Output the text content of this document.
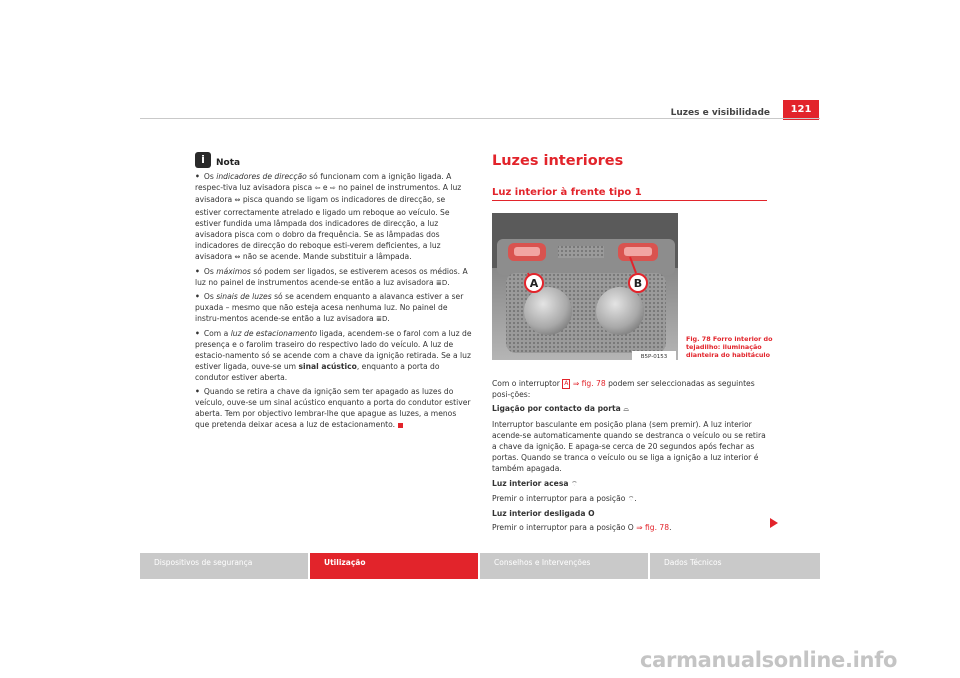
Luzes e visibilidade	121
i	Nota

• Os indicadores de direcção só funcionam com a ignição ligada. A respec-tiva luz avisadora pisca ⇦ e ⇨ no painel de instrumentos. A luz avisadora ⇔ pisca quando se ligam os indicadores de direcção, se estiver correctamente atrelado e ligado um reboque ao veículo. Se estiver fundida uma lâmpada dos indicadores de direcção, a luz avisadora pisca com o dobro da frequência. Se as lâmpadas dos indicadores de direcção do reboque esti-verem deficientes, a luz avisadora ⇔ não se acende. Mande substituir a lâmpada.

• Os máximos só podem ser ligados, se estiverem acesos os médios. A luz no painel de instrumentos acende-se então a luz avisadora ≣D.

• Os sinais de luzes só se acendem enquanto a alavanca estiver a ser puxada – mesmo que não esteja acesa nenhuma luz. No painel de instru-mentos acende-se então a luz avisadora ≣D.

• Com a luz de estacionamento ligada, acendem-se o farol com a luz de presença e o farolim traseiro do respectivo lado do veículo. A luz de estacio-namento só se acende com a chave da ignição retirada. Se a luz estiver ligada, ouve-se um sinal acústico, enquanto a porta do condutor estiver aberta.

• Quando se retira a chave da ignição sem ter apagado as luzes do veículo, ouve-se um sinal acústico enquanto a porta do condutor estiver aberta. Tem por objectivo lembrar-lhe que apague as luzes, a menos que pretenda deixar acesa a luz de estacionamento.

Luzes interiores
Luz interior à frente tipo 1
A	B
B5P-0153
Fig. 78 Forro interior do tejadilho: iluminação dianteira do habitáculo

Com o interruptor A ⇒ fig. 78 podem ser seleccionadas as seguintes posi-ções:

Ligação por contacto da porta ⌓

Interruptor basculante em posição plana (sem premir). A luz interior acende-se automaticamente quando se destranca o veículo ou se retira a chave da ignição. E apaga-se cerca de 20 segundos após fechar as portas. Quando se tranca o veículo ou se liga a ignição a luz interior é também apagada.

Luz interior acesa ⌔

Premir o interruptor para a posição ⌔.

Luz interior desligada O

Premir o interruptor para a posição O ⇒ fig. 78.

Dispositivos de segurança	Utilização	Conselhos e Intervenções	Dados Técnicos
carmanualsonline.info
